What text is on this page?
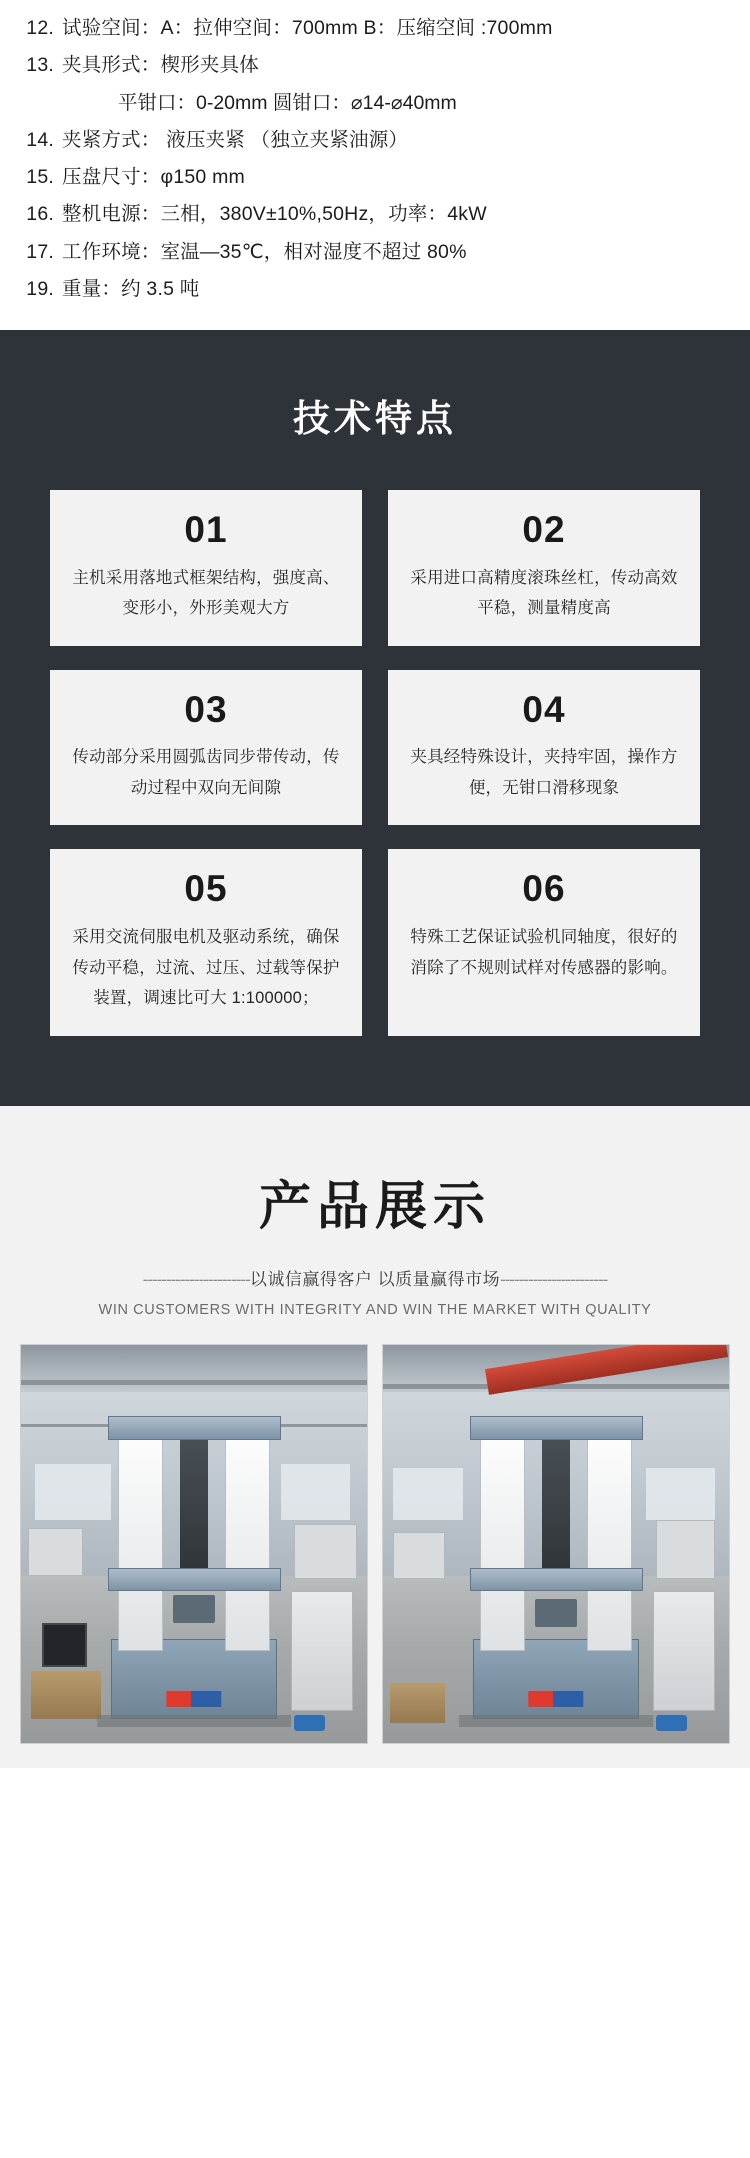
12. 试验空间：A：拉伸空间：700mm B：压缩空间 :700mm
13. 夹具形式：楔形夹具体
平钳口：0-20mm 圆钳口：⌀14-⌀40mm
14. 夹紧方式： 液压夹紧 （独立夹紧油源）
15. 压盘尺寸：φ150 mm
16. 整机电源：三相，380V±10%,50Hz，功率：4kW
17. 工作环境：室温—35℃，相对湿度不超过 80%
19. 重量：约 3.5 吨
技术特点
01
主机采用落地式框架结构，强度高、变形小，外形美观大方
02
采用进口高精度滚珠丝杠，传动高效平稳，测量精度高
03
传动部分采用圆弧齿同步带传动，传动过程中双向无间隙
04
夹具经特殊设计，夹持牢固，操作方便，无钳口滑移现象
05
采用交流伺服电机及驱动系统，确保传动平稳，过流、过压、过载等保护装置，调速比可大 1:100000；
06
特殊工艺保证试验机同轴度，很好的消除了不规则试样对传感器的影响。
产品展示
-----------------------以诚信赢得客户 以质量赢得市场-----------------------
WIN CUSTOMERS WITH INTEGRITY AND WIN THE MARKET WITH QUALITY
